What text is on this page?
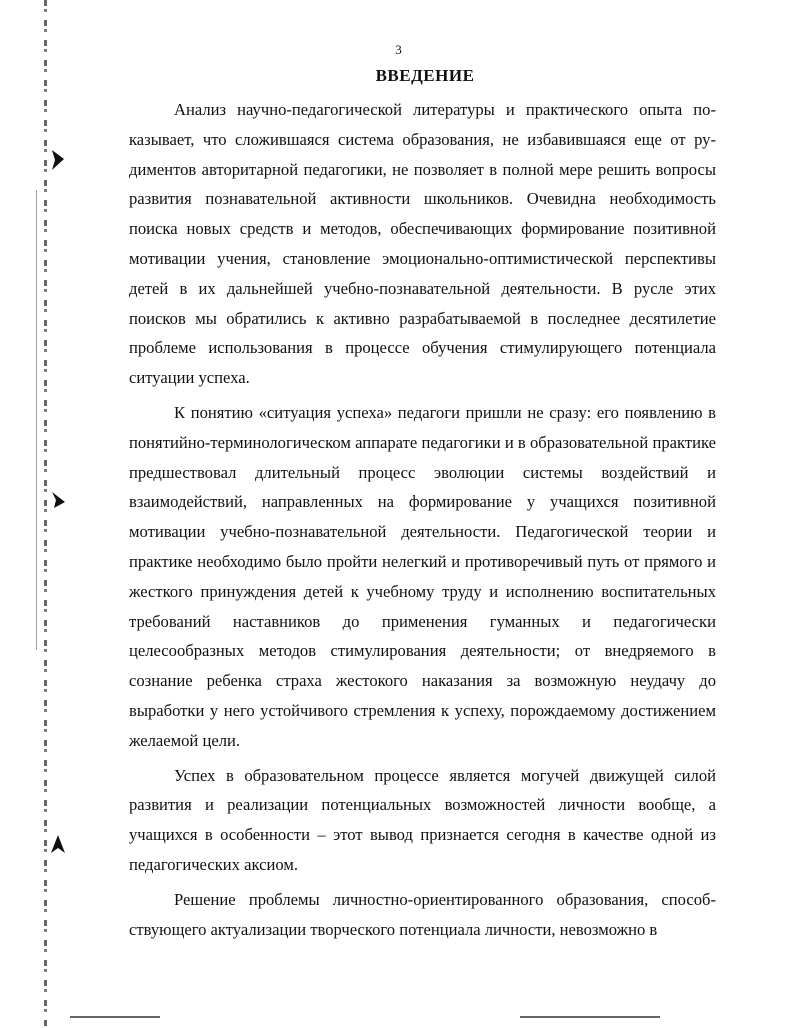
3
ВВЕДЕНИЕ

Анализ научно-педагогической литературы и практического опыта показывает, что сложившаяся система образования, не избавившаяся еще от рудиментов авторитарной педагогики, не позволяет в полной мере решить вопросы развития познавательной активности школьников. Очевидна необходимость поиска новых средств и методов, обеспечивающих формирование позитивной мотивации учения, становление эмоционально-оптимистической перспективы детей в их дальнейшей учебно-познавательной деятельности. В русле этих поисков мы обратились к активно разрабатываемой в последнее десятилетие проблеме использования в процессе обучения стимулирующего потенциала ситуации успеха.

К понятию «ситуация успеха» педагоги пришли не сразу: его появлению в понятийно-терминологическом аппарате педагогики и в образовательной практике предшествовал длительный процесс эволюции системы воздействий и взаимодействий, направленных на формирование у учащихся позитивной мотивации учебно-познавательной деятельности. Педагогической теории и практике необходимо было пройти нелегкий и противоречивый путь от прямого и жесткого принуждения детей к учебному труду и исполнению воспитательных требований наставников до применения гуманных и педагогически целесообразных методов стимулирования деятельности; от внедряемого в сознание ребенка страха жестокого наказания за возможную неудачу до выработки у него устойчивого стремления к успеху, порождаемому достижением желаемой цели.

Успех в образовательном процессе является могучей движущей силой развития и реализации потенциальных возможностей личности вообще, а учащихся в особенности – этот вывод признается сегодня в качестве одной из педагогических аксиом.

Решение проблемы личностно-ориентированного образования, способствующего актуализации творческого потенциала личности, невозможно в
